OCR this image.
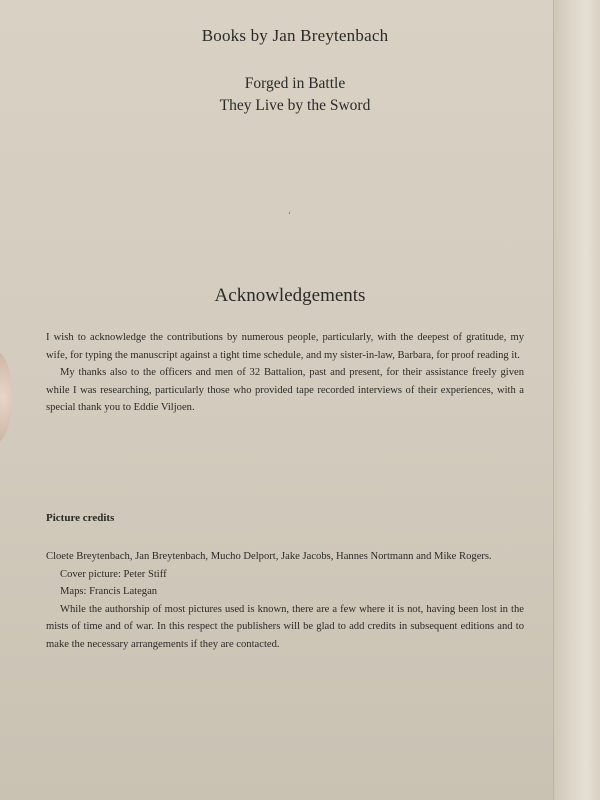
Books by Jan Breytenbach
Forged in Battle
They Live by the Sword
‘
Acknowledgements

I wish to acknowledge the contributions by numerous people, particularly, with the deepest of gratitude, my wife, for typing the manuscript against a tight time schedule, and my sister-in-law, Barbara, for proof reading it.

My thanks also to the officers and men of 32 Battalion, past and present, for their assistance freely given while I was researching, particularly those who provided tape recorded interviews of their experiences, with a special thank you to Eddie Viljoen.

Picture credits

Cloete Breytenbach, Jan Breytenbach, Mucho Delport, Jake Jacobs, Hannes Nortmann and Mike Rogers.

Cover picture: Peter Stiff

Maps: Francis Lategan

While the authorship of most pictures used is known, there are a few where it is not, having been lost in the mists of time and of war. In this respect the publishers will be glad to add credits in subsequent editions and to make the necessary arrangements if they are contacted.
